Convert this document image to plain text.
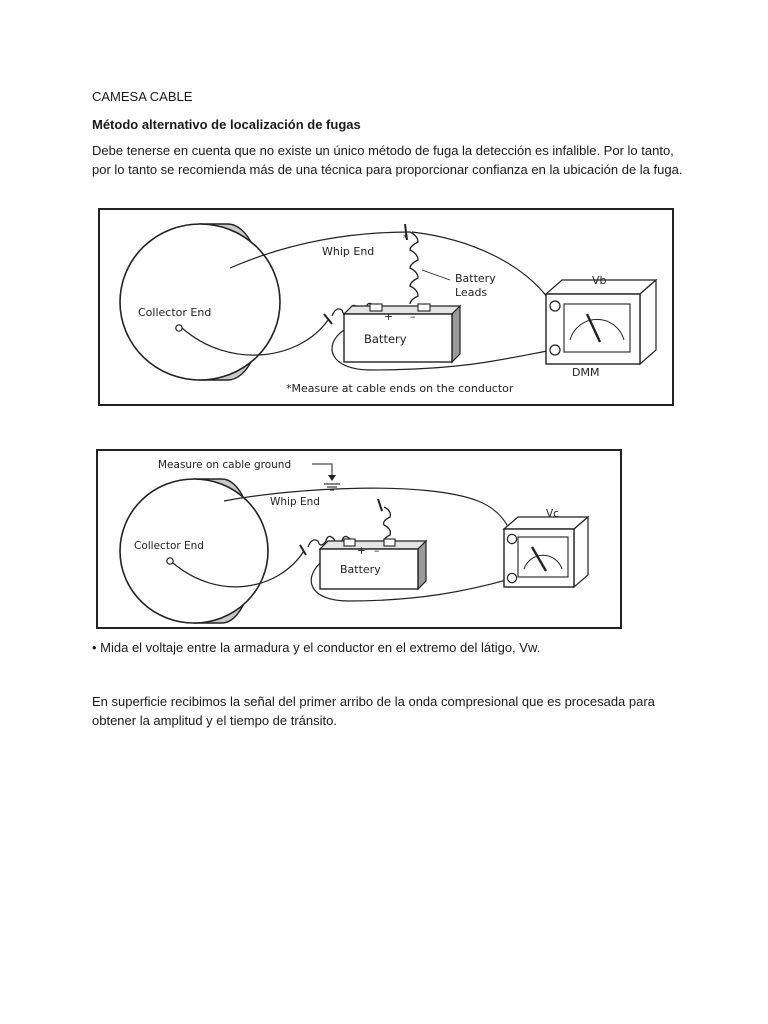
CAMESA CABLE

Método alternativo de localización de fugas

Debe tenerse en cuenta que no existe un único método de fuga la detección es infalible. Por lo tanto, por lo tanto se recomienda más de una técnica para proporcionar confianza en la ubicación de la fuga.

Collector End
Whip End
*
Battery
Leads
+ –
Battery
Vb
DMM
*Measure at cable ends on the conductor
Measure on cable ground
Collector End
Whip End
+ –
Battery
Vc

• Mida el voltaje entre la armadura y el conductor en el extremo del látigo, Vw.

En superficie recibimos la señal del primer arribo de la onda compresional que es procesada para obtener la amplitud y el tiempo de tránsito.
